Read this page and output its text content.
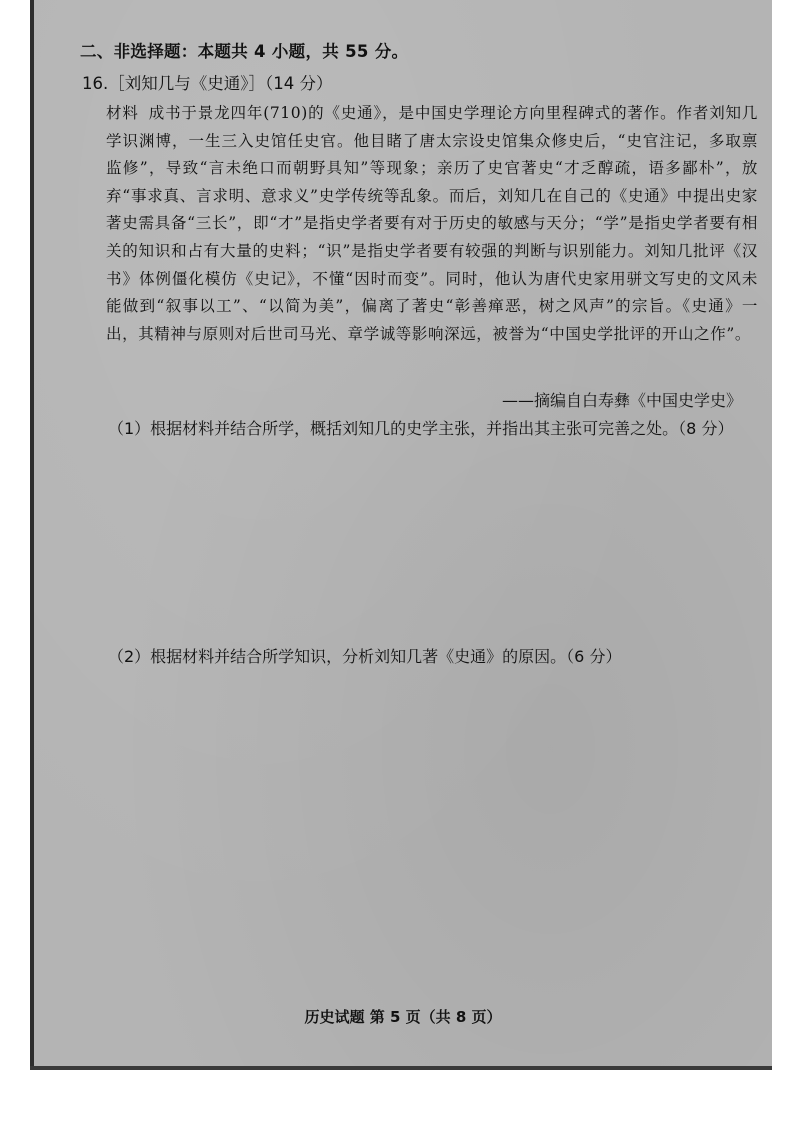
二、非选择题：本题共 4 小题，共 55 分。
16.［刘知几与《史通》］（14 分）
材料 成书于景龙四年(710)的《史通》，是中国史学理论方向里程碑式的著作。作者刘知几学识渊博，一生三入史馆任史官。他目睹了唐太宗设史馆集众修史后，“史官注记，多取禀监修”，导致“言未绝口而朝野具知”等现象；亲历了史官著史“才乏醇疏，语多鄙朴”，放弃“事求真、言求明、意求义”史学传统等乱象。而后，刘知几在自己的《史通》中提出史家著史需具备“三长”，即“才”是指史学者要有对于历史的敏感与天分；“学”是指史学者要有相关的知识和占有大量的史料；“识”是指史学者要有较强的判断与识别能力。刘知几批评《汉书》体例僵化模仿《史记》，不懂“因时而变”。同时，他认为唐代史家用骈文写史的文风未能做到“叙事以工”、“以简为美”，偏离了著史“彰善瘅恶，树之风声”的宗旨。《史通》一出，其精神与原则对后世司马光、章学诚等影响深远，被誉为“中国史学批评的开山之作”。
——摘编自白寿彝《中国史学史》
（1）根据材料并结合所学，概括刘知几的史学主张，并指出其主张可完善之处。（8 分）
（2）根据材料并结合所学知识，分析刘知几著《史通》的原因。（6 分）
历史试题 第 5 页（共 8 页）
